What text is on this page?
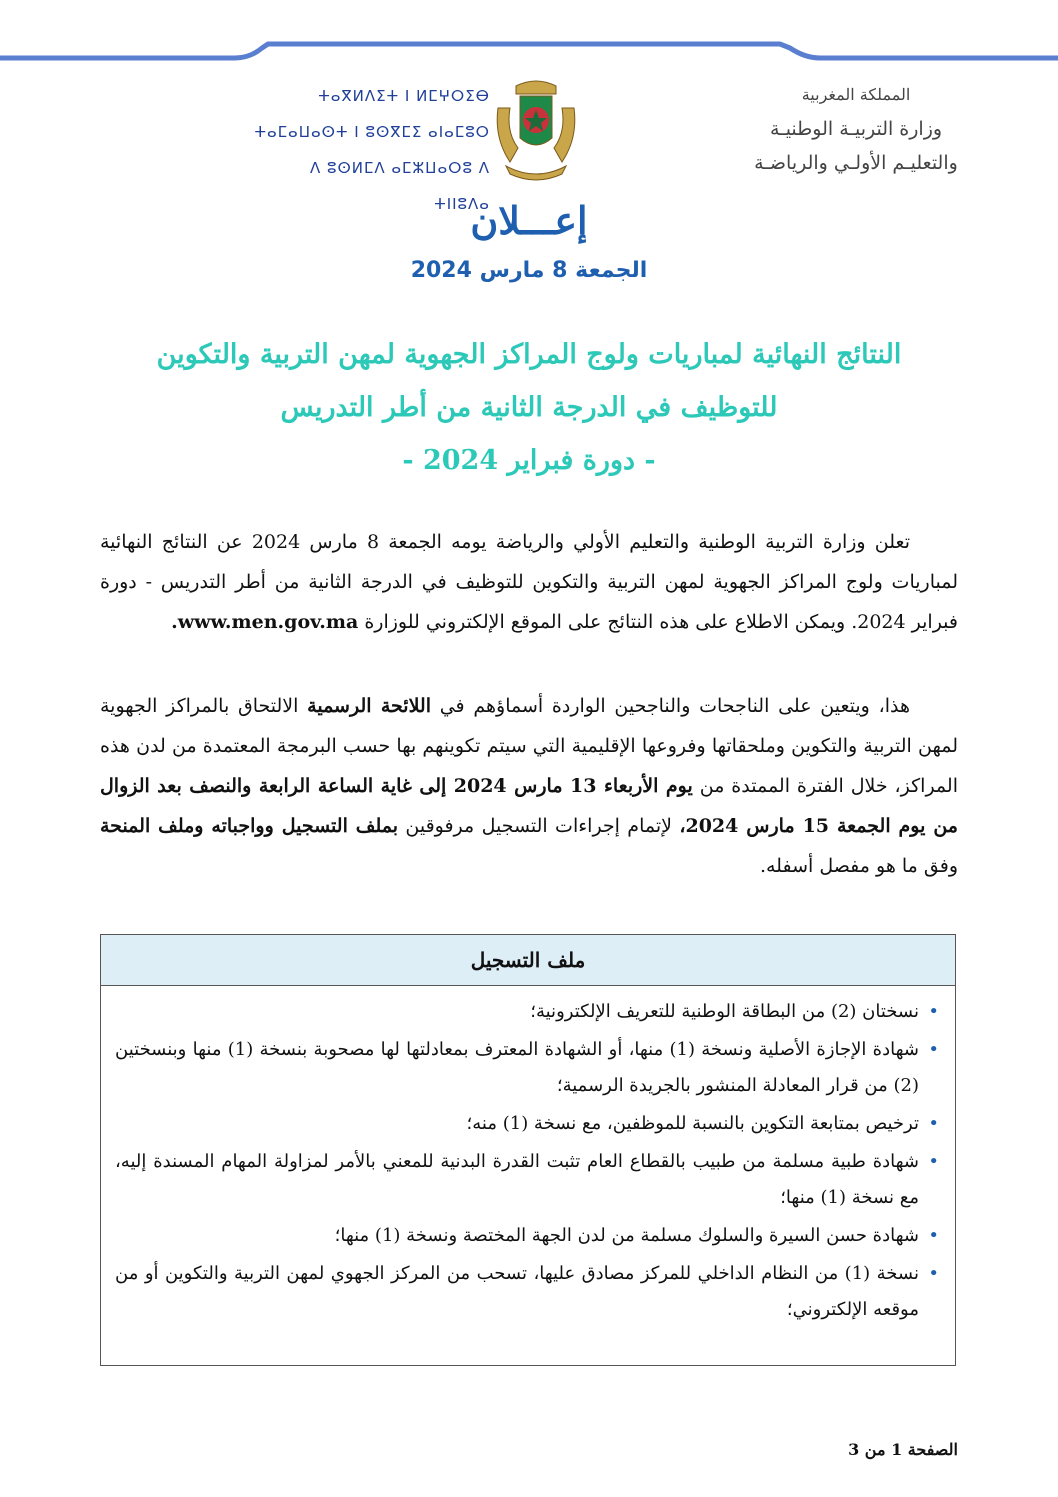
ⵜⴰⴳⵍⴷⵉⵜ ⵏ ⵍⵎⵖⵔⵉⴱ
ⵜⴰⵎⴰⵡⴰⵙⵜ ⵏ ⵓⵙⴳⵎⵉ ⴰⵏⴰⵎⵓⵔ
ⴷ ⵓⵙⵍⵎⴷ ⴰⵎⵣⵡⴰⵔⵓ ⴷ ⵜⵏⵏⵓⴷⴰ
المملكة المغربية
وزارة التربيـة الوطنيـة
والتعليـم الأولـي والرياضـة
إعـــلان
الجمعة 8 مارس 2024
النتائج النهائية لمباريات ولوج المراكز الجهوية لمهن التربية والتكوين
للتوظيف في الدرجة الثانية من أطر التدريس
- دورة فبراير 2024 -
تعلن وزارة التربية الوطنية والتعليم الأولي والرياضة يومه الجمعة 8 مارس 2024 عن النتائج النهائية لمباريات ولوج المراكز الجهوية لمهن التربية والتكوين للتوظيف في الدرجة الثانية من أطر التدريس - دورة فبراير 2024. ويمكن الاطلاع على هذه النتائج على الموقع الإلكتروني للوزارة www.men.gov.ma.
هذا، ويتعين على الناجحات والناجحين الواردة أسماؤهم في اللائحة الرسمية الالتحاق بالمراكز الجهوية لمهن التربية والتكوين وملحقاتها وفروعها الإقليمية التي سيتم تكوينهم بها حسب البرمجة المعتمدة من لدن هذه المراكز، خلال الفترة الممتدة من يوم الأربعاء 13 مارس 2024 إلى غاية الساعة الرابعة والنصف بعد الزوال من يوم الجمعة 15 مارس 2024، لإتمام إجراءات التسجيل مرفوقين بملف التسجيل وواجباته وملف المنحة وفق ما هو مفصل أسفله.
ملف التسجيل
• نسختان (2) من البطاقة الوطنية للتعريف الإلكترونية؛
• شهادة الإجازة الأصلية ونسخة (1) منها، أو الشهادة المعترف بمعادلتها لها مصحوبة بنسخة (1) منها وبنسختين (2) من قرار المعادلة المنشور بالجريدة الرسمية؛
• ترخيص بمتابعة التكوين بالنسبة للموظفين، مع نسخة (1) منه؛
• شهادة طبية مسلمة من طبيب بالقطاع العام تثبت القدرة البدنية للمعني بالأمر لمزاولة المهام المسندة إليه، مع نسخة (1) منها؛
• شهادة حسن السيرة والسلوك مسلمة من لدن الجهة المختصة ونسخة (1) منها؛
• نسخة (1) من النظام الداخلي للمركز مصادق عليها، تسحب من المركز الجهوي لمهن التربية والتكوين أو من موقعه الإلكتروني؛
الصفحة 1 من 3
